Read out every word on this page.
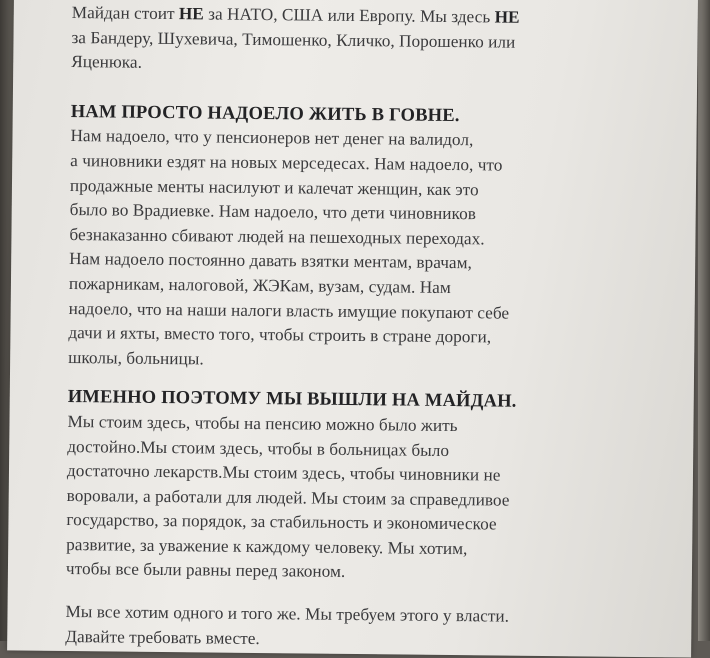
Майдан стоит НЕ за НАТО, США или Европу. Мы здесь НЕ
за Бандеру, Шухевича, Тимошенко, Кличко, Порошенко или
Яценюка.

НАМ ПРОСТО НАДОЕЛО ЖИТЬ В ГОВНЕ.

Нам надоело, что у пенсионеров нет денег на валидол,
а чиновники ездят на новых мерседесах. Нам надоело, что
продажные менты насилуют и калечат женщин, как это
было во Врадиевке. Нам надоело, что дети чиновников
безнаказанно сбивают людей на пешеходных переходах.
Нам надоело постоянно давать взятки ментам, врачам,
пожарникам, налоговой, ЖЭКам, вузам, судам. Нам
надоело, что на наши налоги власть имущие покупают себе
дачи и яхты, вместо того, чтобы строить в стране дороги,
школы, больницы.

ИМЕННО ПОЭТОМУ МЫ ВЫШЛИ НА МАЙДАН.

Мы стоим здесь, чтобы на пенсию можно было жить
достойно.Мы стоим здесь, чтобы в больницах было
достаточно лекарств.Мы стоим здесь, чтобы чиновники не
воровали, а работали для людей. Мы стоим за справедливое
государство, за порядок, за стабильность и экономическое
развитие, за уважение к каждому человеку. Мы хотим,
чтобы все были равны перед законом.

Мы все хотим одного и того же. Мы требуем этого у власти.
Давайте требовать вместе.
